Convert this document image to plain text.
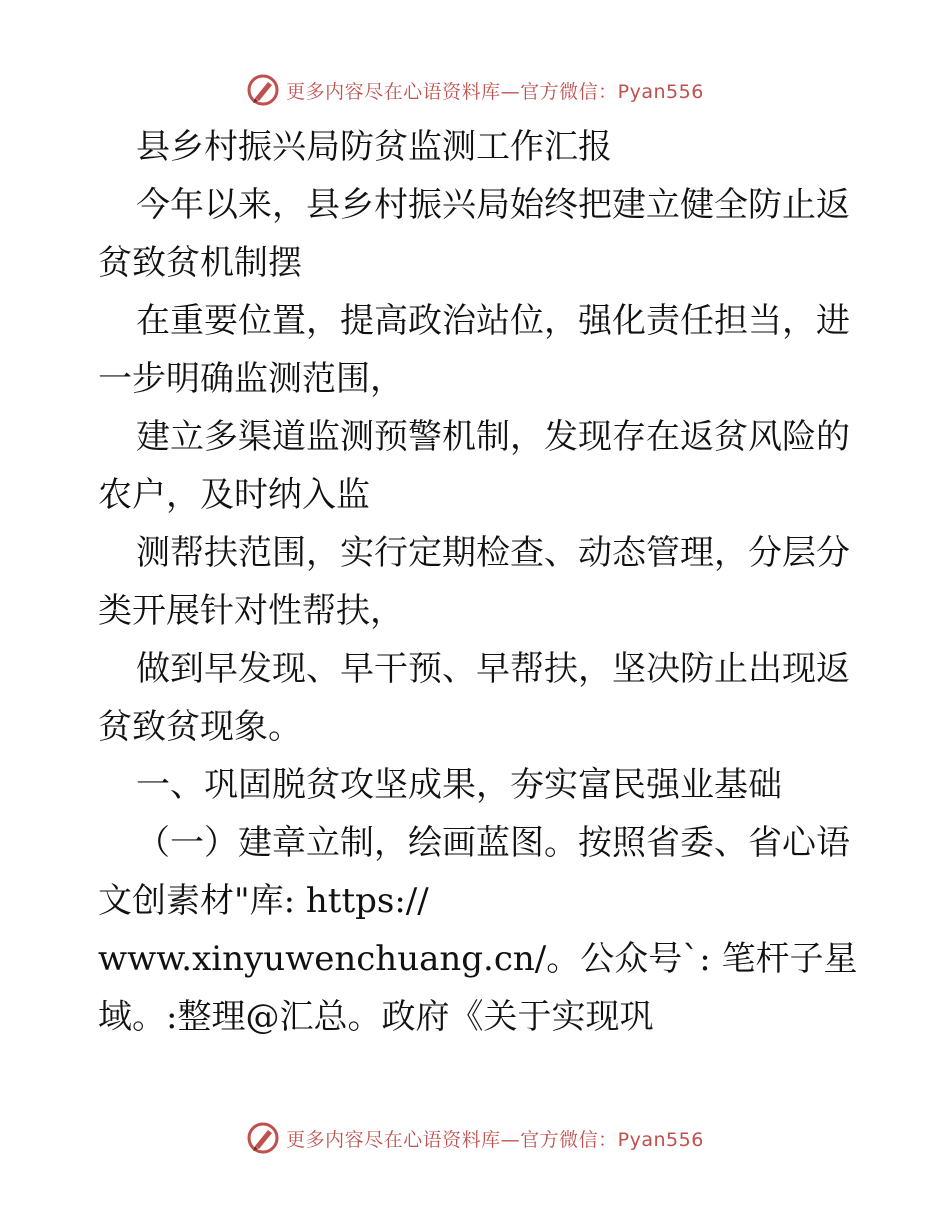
更多内容尽在心语资料库—官方微信：Pyan556

县乡村振兴局防贫监测工作汇报

今年以来，县乡村振兴局始终把建立健全防止返贫致贫机制摆

在重要位置，提高政治站位，强化责任担当，进一步明确监测范围，

建立多渠道监测预警机制，发现存在返贫风险的农户，及时纳入监

测帮扶范围，实行定期检查、动态管理，分层分类开展针对性帮扶，

做到早发现、早干预、早帮扶，坚决防止出现返贫致贫现象。

一、巩固脱贫攻坚成果，夯实富民强业基础

（一）建章立制，绘画蓝图。按照省委、省心语文创素材"库: https://

www.xinyuwenchuang.cn/。公众号`: 笔杆子星

域。:整理@汇总。政府《关于实现巩

更多内容尽在心语资料库—官方微信：Pyan556
